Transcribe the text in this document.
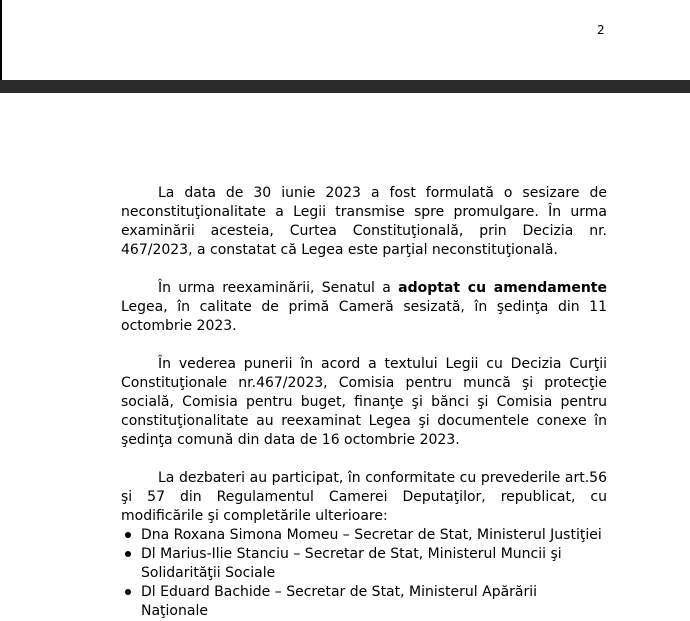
2

La data de 30 iunie 2023 a fost formulată o sesizare de neconstituţionalitate a Legii transmise spre promulgare. În urma examinării acesteia, Curtea Constituţională, prin Decizia nr. 467/2023, a constatat că Legea este parţial neconstituţională.

În urma reexaminării, Senatul a adoptat cu amendamente Legea, în calitate de primă Cameră sesizată, în şedinţa din 11 octombrie 2023.

În vederea punerii în acord a textului Legii cu Decizia Curţii Constituţionale nr.467/2023, Comisia pentru muncă şi protecţie socială, Comisia pentru buget, finanţe şi bănci şi Comisia pentru constituţionalitate au reexaminat Legea şi documentele conexe în şedinţa comună din data de 16 octombrie 2023.

La dezbateri au participat, în conformitate cu prevederile art.56 şi 57 din Regulamentul Camerei Deputaţilor, republicat, cu modificările şi completările ulterioare:

Dna Roxana Simona Momeu – Secretar de Stat, Ministerul Justiţiei
Dl Marius-Ilie Stanciu – Secretar de Stat, Ministerul Muncii şi Solidarităţii Sociale
Dl Eduard Bachide – Secretar de Stat, Ministerul Apărării Naţionale
